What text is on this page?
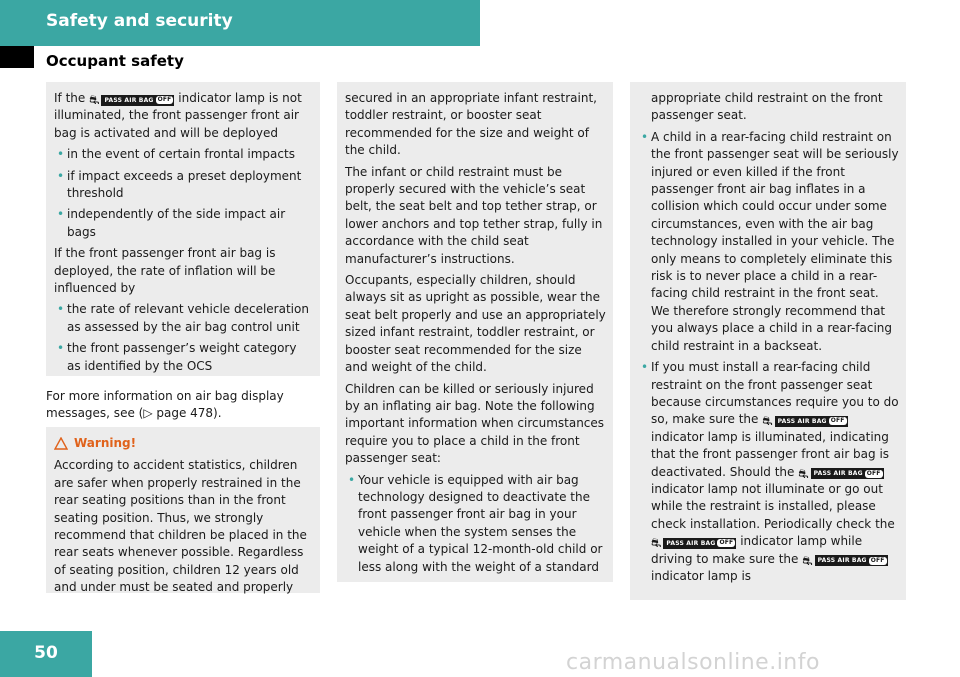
Safety and security
Occupant safety

If the ⛐ PASS AIR BAG OFF indicator lamp is not illuminated, the front passenger front air bag is activated and will be deployed

• in the event of certain frontal impacts
• if impact exceeds a preset deployment threshold
• independently of the side impact air bags

If the front passenger front air bag is deployed, the rate of inflation will be influenced by

• the rate of relevant vehicle deceleration as assessed by the air bag control unit
• the front passenger’s weight category as identified by the OCS
For more information on air bag display messages, see (▷ page 478).
Warning!

According to accident statistics, children are safer when properly restrained in the rear seating positions than in the front seating position. Thus, we strongly recommend that children be placed in the rear seats whenever possible. Regardless of seating position, children 12 years old and under must be seated and properly

secured in an appropriate infant restraint, toddler restraint, or booster seat recommended for the size and weight of the child.

The infant or child restraint must be properly secured with the vehicle’s seat belt, the seat belt and top tether strap, or lower anchors and top tether strap, fully in accordance with the child seat manufacturer’s instructions.

Occupants, especially children, should always sit as upright as possible, wear the seat belt properly and use an appropriately sized infant restraint, toddler restraint, or booster seat recommended for the size and weight of the child.

Children can be killed or seriously injured by an inflating air bag. Note the following important information when circumstances require you to place a child in the front passenger seat:

• Your vehicle is equipped with air bag technology designed to deactivate the front passenger front air bag in your vehicle when the system senses the weight of a typical 12-month-old child or less along with the weight of a standard

appropriate child restraint on the front passenger seat.

• A child in a rear-facing child restraint on the front passenger seat will be seriously injured or even killed if the front passenger front air bag inflates in a collision which could occur under some circumstances, even with the air bag technology installed in your vehicle. The only means to completely eliminate this risk is to never place a child in a rear-facing child restraint in the front seat. We therefore strongly recommend that you always place a child in a rear-facing child restraint in a backseat.
• If you must install a rear-facing child restraint on the front passenger seat because circumstances require you to do so, make sure the ⛐ PASS AIR BAG OFF
indicator lamp is illuminated, indicating that the front passenger front air bag is deactivated. Should the ⛐ PASS AIR BAG OFF
indicator lamp not illuminate or go out while the restraint is installed, please check installation. Periodically check the
⛐ PASS AIR BAG OFF indicator lamp while driving to make sure the ⛐ PASS AIR BAG OFF
indicator lamp is
50	carmanualsonline.info
